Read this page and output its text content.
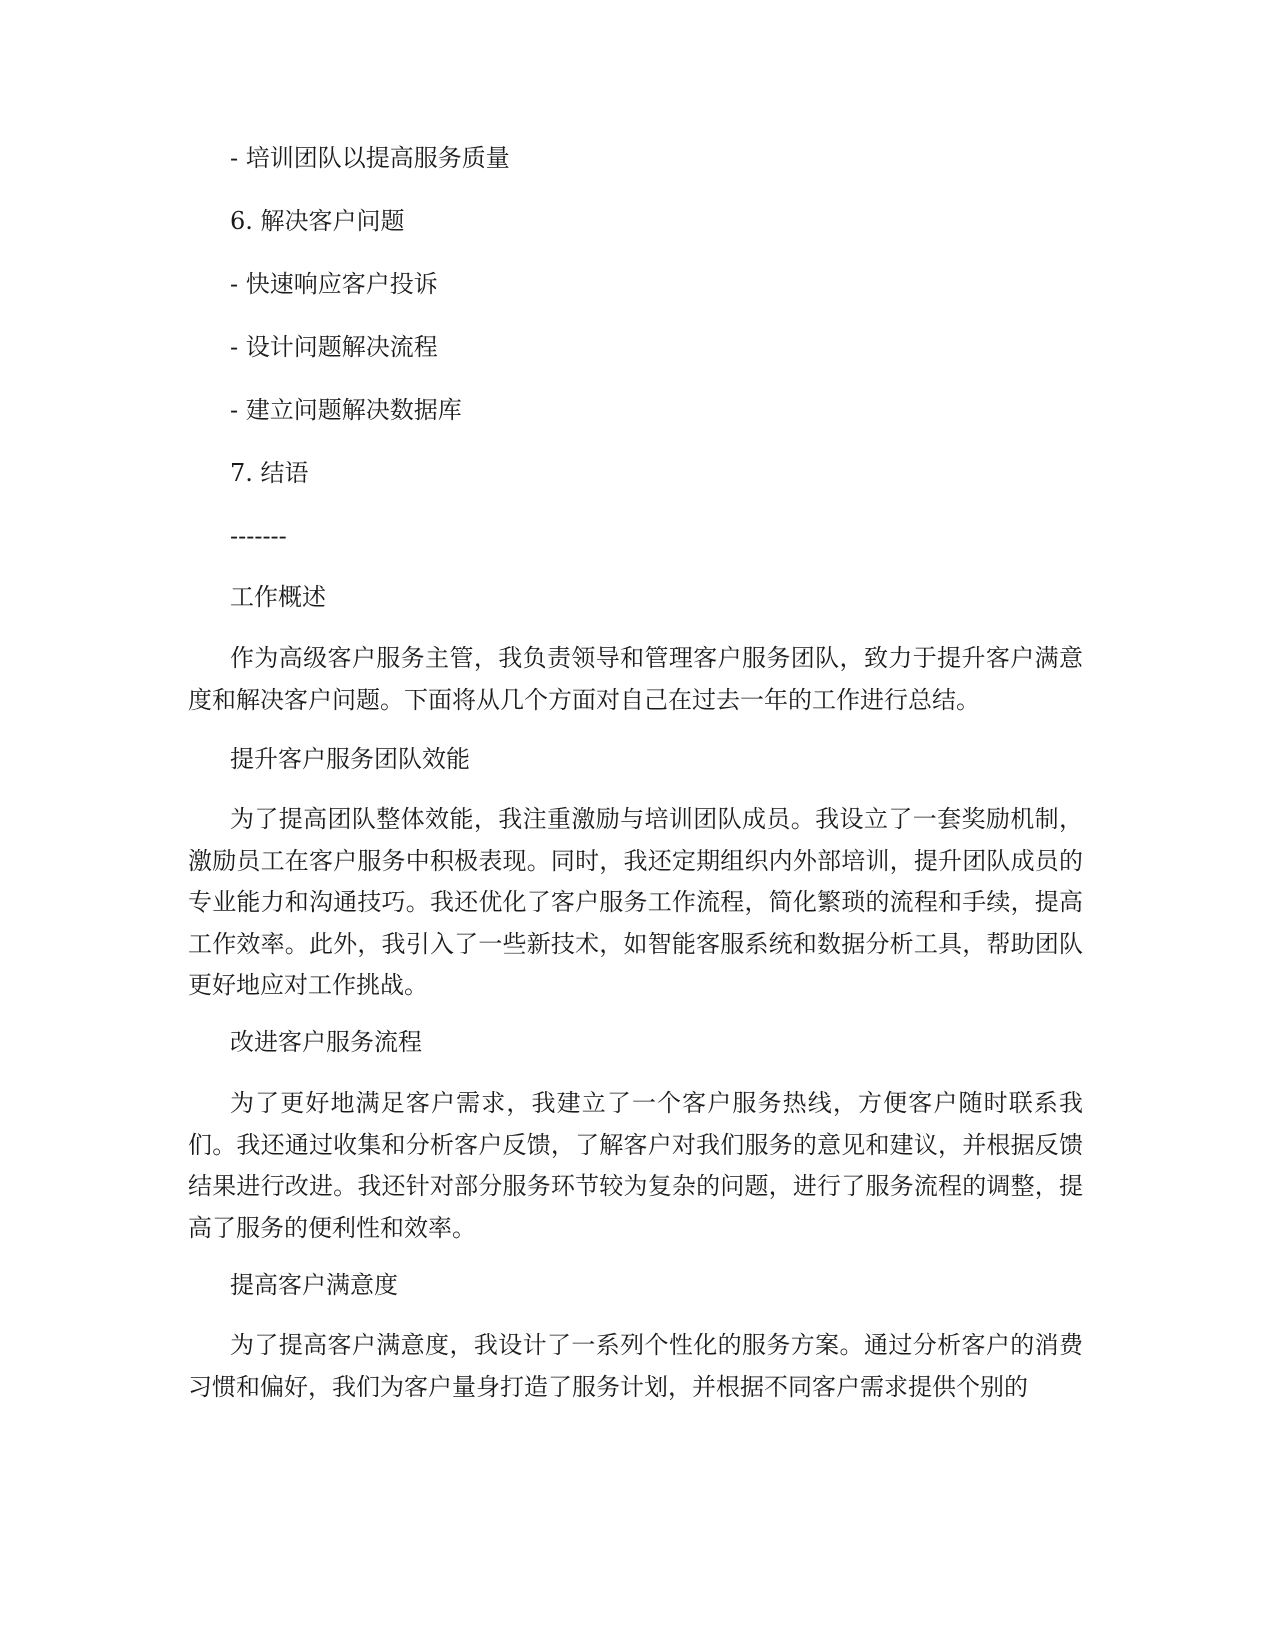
- 培训团队以提高服务质量

6. 解决客户问题

- 快速响应客户投诉

- 设计问题解决流程

- 建立问题解决数据库

7. 结语

-------

工作概述

作为高级客户服务主管，我负责领导和管理客户服务团队，致力于提升客户满意度和解决客户问题。下面将从几个方面对自己在过去一年的工作进行总结。

提升客户服务团队效能

为了提高团队整体效能，我注重激励与培训团队成员。我设立了一套奖励机制，激励员工在客户服务中积极表现。同时，我还定期组织内外部培训，提升团队成员的专业能力和沟通技巧。我还优化了客户服务工作流程，简化繁琐的流程和手续，提高工作效率。此外，我引入了一些新技术，如智能客服系统和数据分析工具，帮助团队更好地应对工作挑战。

改进客户服务流程

为了更好地满足客户需求，我建立了一个客户服务热线，方便客户随时联系我们。我还通过收集和分析客户反馈，了解客户对我们服务的意见和建议，并根据反馈结果进行改进。我还针对部分服务环节较为复杂的问题，进行了服务流程的调整，提高了服务的便利性和效率。

提高客户满意度

为了提高客户满意度，我设计了一系列个性化的服务方案。通过分析客户的消费习惯和偏好，我们为客户量身打造了服务计划，并根据不同客户需求提供个别的
